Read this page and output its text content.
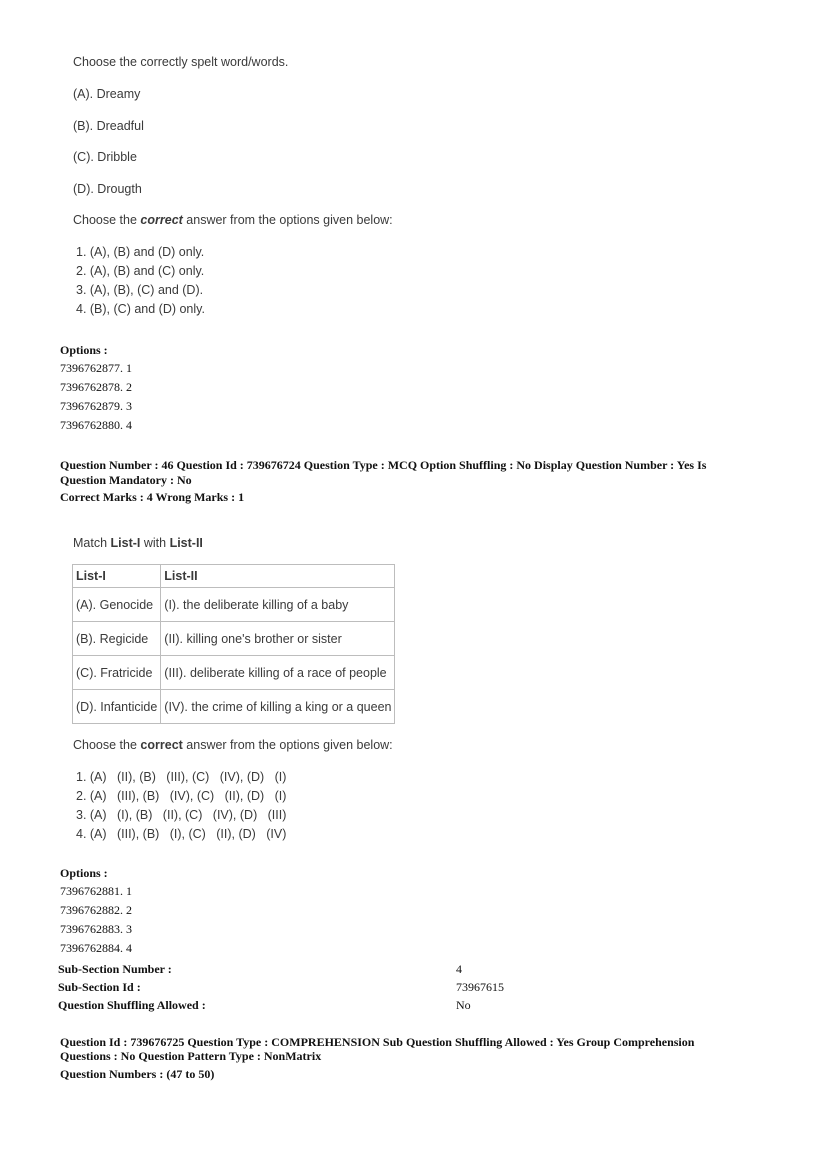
Choose the correctly spelt word/words.
(A). Dreamy
(B). Dreadful
(C). Dribble
(D). Drougth
Choose the correct answer from the options given below:
1. (A), (B) and (D) only.
2. (A), (B) and (C) only.
3. (A), (B), (C) and (D).
4. (B), (C) and (D) only.
Options :
7396762877. 1
7396762878. 2
7396762879. 3
7396762880. 4
Question Number : 46 Question Id : 739676724 Question Type : MCQ Option Shuffling : No Display Question Number : Yes Is
Question Mandatory : No
Correct Marks : 4 Wrong Marks : 1
Match List-I with List-II
List-I	List-II
(A). Genocide	(I). the deliberate killing of a baby
(B). Regicide	(II). killing one's brother or sister
(C). Fratricide	(III). deliberate killing of a race of people
(D). Infanticide	(IV). the crime of killing a king or a queen
Choose the correct answer from the options given below:
1. (A)   (II), (B)   (III), (C)   (IV), (D)   (I)
2. (A)   (III), (B)   (IV), (C)   (II), (D)   (I)
3. (A)   (I), (B)   (II), (C)   (IV), (D)   (III)
4. (A)   (III), (B)   (I), (C)   (II), (D)   (IV)
Options :
7396762881. 1
7396762882. 2
7396762883. 3
7396762884. 4
Sub-Section Number :	4
Sub-Section Id :	73967615
Question Shuffling Allowed :	No
Question Id : 739676725 Question Type : COMPREHENSION Sub Question Shuffling Allowed : Yes Group Comprehension
Questions : No Question Pattern Type : NonMatrix
Question Numbers : (47 to 50)
